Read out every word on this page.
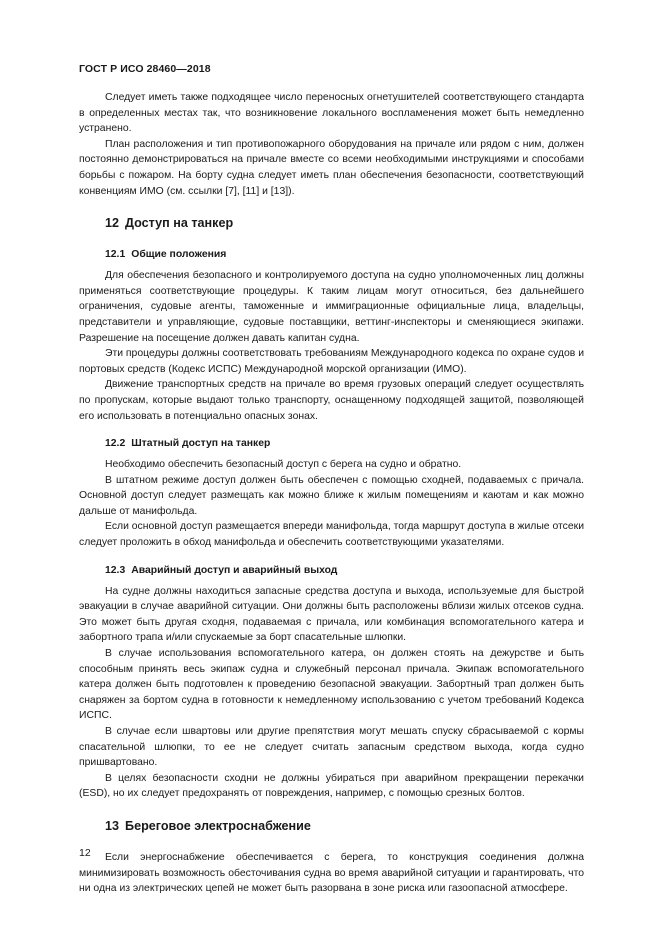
ГОСТ Р ИСО 28460—2018

Следует иметь также подходящее число переносных огнетушителей соответствующего стандарта в определенных местах так, что возникновение локального воспламенения может быть немедленно устранено.

План расположения и тип противопожарного оборудования на причале или рядом с ним, должен постоянно демонстрироваться на причале вместе со всеми необходимыми инструкциями и способами борьбы с пожаром. На борту судна следует иметь план обеспечения безопасности, соответствующий конвенциям ИМО (см. ссылки [7], [11] и [13]).

12 Доступ на танкер
12.1 Общие положения

Для обеспечения безопасного и контролируемого доступа на судно уполномоченных лиц должны применяться соответствующие процедуры. К таким лицам могут относиться, без дальнейшего ограничения, судовые агенты, таможенные и иммиграционные официальные лица, владельцы, представители и управляющие, судовые поставщики, веттинг-инспекторы и сменяющиеся экипажи. Разрешение на посещение должен давать капитан судна.

Эти процедуры должны соответствовать требованиям Международного кодекса по охране судов и портовых средств (Кодекс ИСПС) Международной морской организации (ИМО).

Движение транспортных средств на причале во время грузовых операций следует осуществлять по пропускам, которые выдают только транспорту, оснащенному подходящей защитой, позволяющей его использовать в потенциально опасных зонах.

12.2 Штатный доступ на танкер

Необходимо обеспечить безопасный доступ с берега на судно и обратно.

В штатном режиме доступ должен быть обеспечен с помощью сходней, подаваемых с причала. Основной доступ следует размещать как можно ближе к жилым помещениям и каютам и как можно дальше от манифольда.

Если основной доступ размещается впереди манифольда, тогда маршрут доступа в жилые отсеки следует проложить в обход манифольда и обеспечить соответствующими указателями.

12.3 Аварийный доступ и аварийный выход

На судне должны находиться запасные средства доступа и выхода, используемые для быстрой эвакуации в случае аварийной ситуации. Они должны быть расположены вблизи жилых отсеков судна. Это может быть другая сходня, подаваемая с причала, или комбинация вспомогательного катера и забортного трапа и/или спускаемые за борт спасательные шлюпки.

В случае использования вспомогательного катера, он должен стоять на дежурстве и быть способным принять весь экипаж судна и служебный персонал причала. Экипаж вспомогательного катера должен быть подготовлен к проведению безопасной эвакуации. Забортный трап должен быть снаряжен за бортом судна в готовности к немедленному использованию с учетом требований Кодекса ИСПС.

В случае если швартовы или другие препятствия могут мешать спуску сбрасываемой с кормы спасательной шлюпки, то ее не следует считать запасным средством выхода, когда судно пришвартовано.

В целях безопасности сходни не должны убираться при аварийном прекращении перекачки (ESD), но их следует предохранять от повреждения, например, с помощью срезных болтов.

13 Береговое электроснабжение

Если энергоснабжение обеспечивается с берега, то конструкция соединения должна минимизировать возможность обесточивания судна во время аварийной ситуации и гарантировать, что ни одна из электрических цепей не может быть разорвана в зоне риска или газоопасной атмосфере.

12
